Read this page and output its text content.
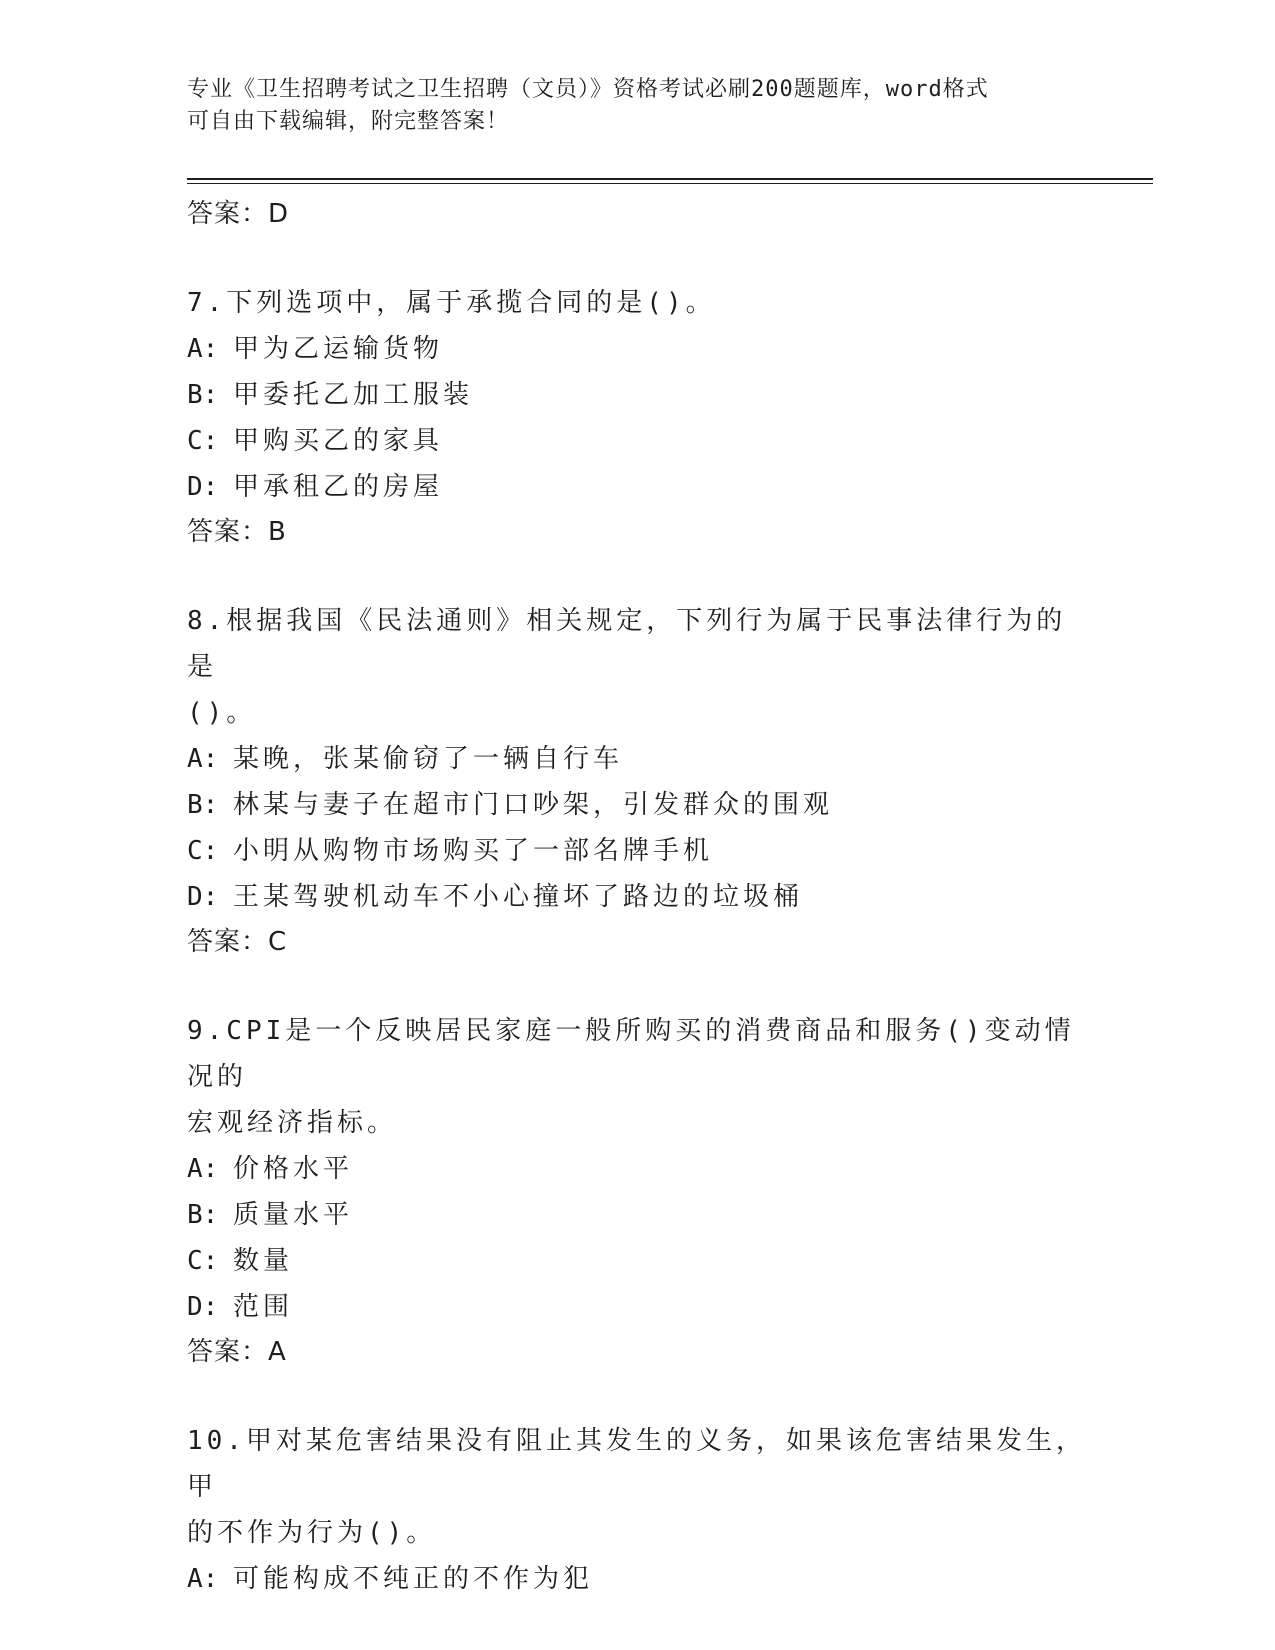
专业《卫生招聘考试之卫生招聘（文员）》资格考试必刷200题题库，word格式
可自由下载编辑，附完整答案！
答案：D
7.下列选项中，属于承揽合同的是()。
A: 甲为乙运输货物
B: 甲委托乙加工服装
C: 甲购买乙的家具
D: 甲承租乙的房屋
答案：B
8.根据我国《民法通则》相关规定，下列行为属于民事法律行为的是
()。
A: 某晚，张某偷窃了一辆自行车
B: 林某与妻子在超市门口吵架，引发群众的围观
C: 小明从购物市场购买了一部名牌手机
D: 王某驾驶机动车不小心撞坏了路边的垃圾桶
答案：C
9.CPI是一个反映居民家庭一般所购买的消费商品和服务()变动情况的
宏观经济指标。
A: 价格水平
B: 质量水平
C: 数量
D: 范围
答案：A
10.甲对某危害结果没有阻止其发生的义务，如果该危害结果发生，甲
的不作为行为()。
A: 可能构成不纯正的不作为犯
